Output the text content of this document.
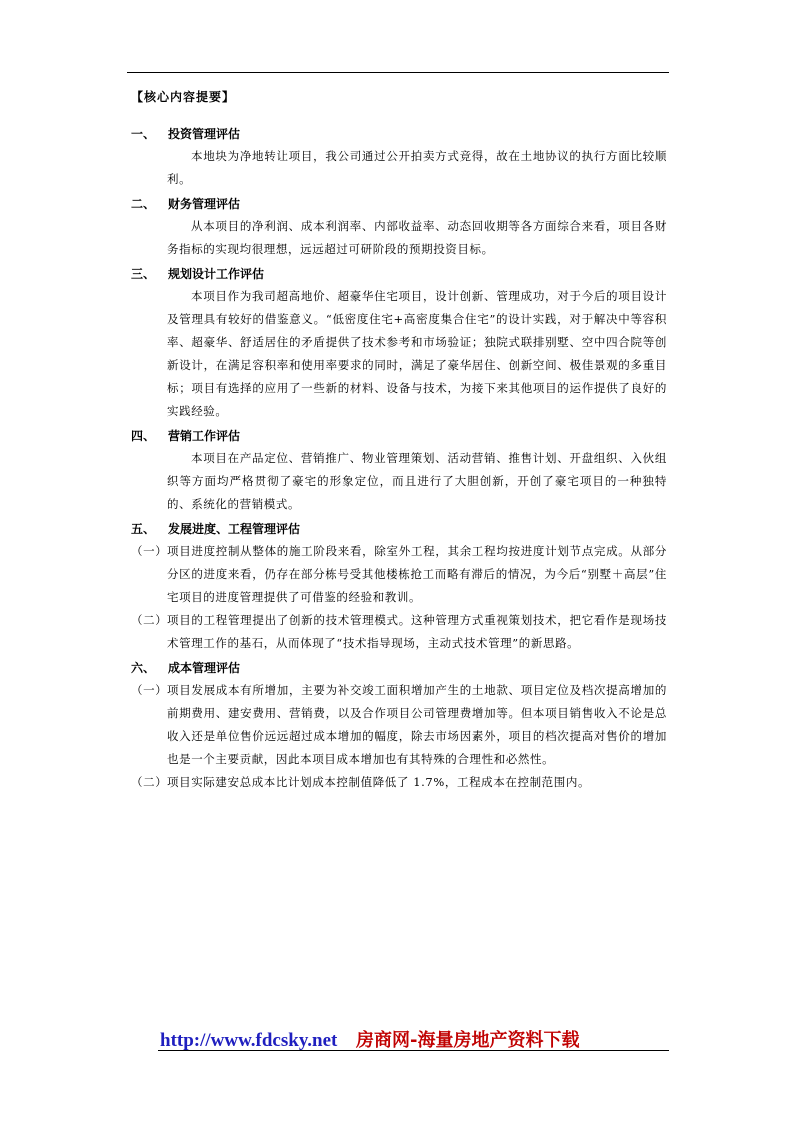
【核心内容提要】
一、	投资管理评估

本地块为净地转让项目，我公司通过公开拍卖方式竞得，故在土地协议的执行方面比较顺利。

二、	财务管理评估

从本项目的净利润、成本利润率、内部收益率、动态回收期等各方面综合来看，项目各财务指标的实现均很理想，远远超过可研阶段的预期投资目标。

三、	规划设计工作评估

本项目作为我司超高地价、超豪华住宅项目，设计创新、管理成功，对于今后的项目设计及管理具有较好的借鉴意义。“低密度住宅+高密度集合住宅”的设计实践，对于解决中等容积率、超豪华、舒适居住的矛盾提供了技术参考和市场验证；独院式联排别墅、空中四合院等创新设计，在满足容积率和使用率要求的同时，满足了豪华居住、创新空间、极佳景观的多重目标；项目有选择的应用了一些新的材料、设备与技术，为接下来其他项目的运作提供了良好的实践经验。

四、	营销工作评估

本项目在产品定位、营销推广、物业管理策划、活动营销、推售计划、开盘组织、入伙组织等方面均严格贯彻了豪宅的形象定位，而且进行了大胆创新，开创了豪宅项目的一种独特的、系统化的营销模式。

五、	发展进度、工程管理评估
（一） 项目进度控制从整体的施工阶段来看，除室外工程，其余工程均按进度计划节点完成。从部分分区的进度来看，仍存在部分栋号受其他楼栋抢工而略有滞后的情况，为今后“别墅＋高层”住宅项目的进度管理提供了可借鉴的经验和教训。
（二） 项目的工程管理提出了创新的技术管理模式。这种管理方式重视策划技术，把它看作是现场技术管理工作的基石，从而体现了“技术指导现场，主动式技术管理”的新思路。
六、	成本管理评估
（一） 项目发展成本有所增加，主要为补交竣工面积增加产生的土地款、项目定位及档次提高增加的前期费用、建安费用、营销费，以及合作项目公司管理费增加等。但本项目销售收入不论是总收入还是单位售价远远超过成本增加的幅度，除去市场因素外，项目的档次提高对售价的增加也是一个主要贡献，因此本项目成本增加也有其特殊的合理性和必然性。
（二） 项目实际建安总成本比计划成本控制值降低了 1.7%，工程成本在控制范围内。
http://www.fdcsky.net 房商网-海量房地产资料下载
